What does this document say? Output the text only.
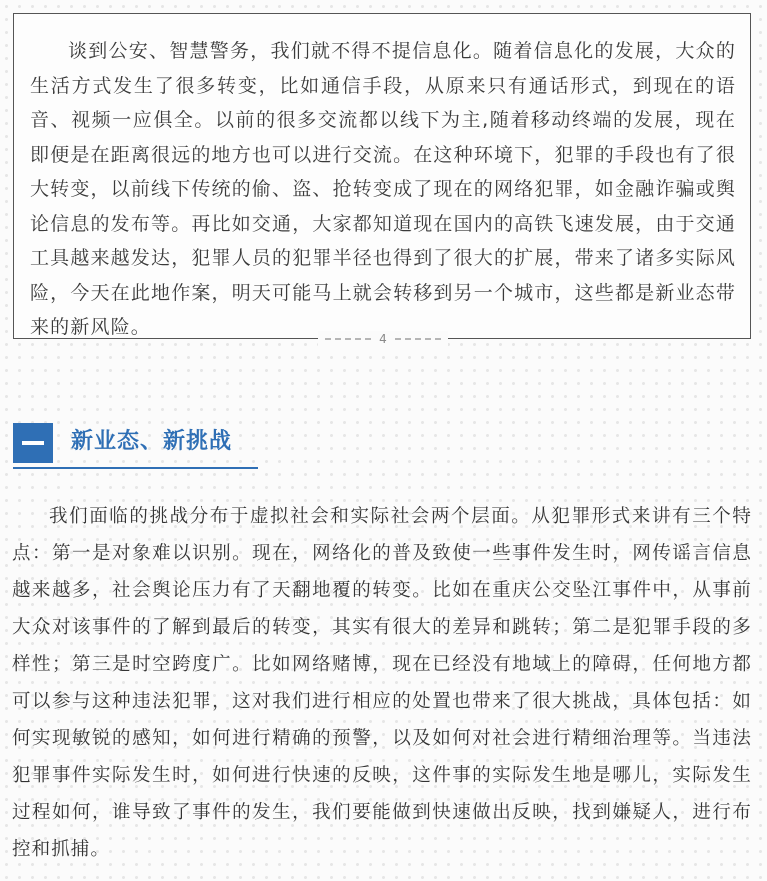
谈到公安、智慧警务，我们就不得不提信息化。随着信息化的发展，大众的生活方式发生了很多转变，比如通信手段，从原来只有通话形式，到现在的语音、视频一应俱全。以前的很多交流都以线下为主,随着移动终端的发展，现在即便是在距离很远的地方也可以进行交流。在这种环境下，犯罪的手段也有了很大转变，以前线下传统的偷、盗、抢转变成了现在的网络犯罪，如金融诈骗或舆论信息的发布等。再比如交通，大家都知道现在国内的高铁飞速发展，由于交通工具越来越发达，犯罪人员的犯罪半径也得到了很大的扩展，带来了诸多实际风险，今天在此地作案，明天可能马上就会转移到另一个城市，这些都是新业态带来的新风险。

4
新业态、新挑战

我们面临的挑战分布于虚拟社会和实际社会两个层面。从犯罪形式来讲有三个特点：第一是对象难以识别。现在，网络化的普及致使一些事件发生时，网传谣言信息越来越多，社会舆论压力有了天翻地覆的转变。比如在重庆公交坠江事件中，从事前大众对该事件的了解到最后的转变，其实有很大的差异和跳转；第二是犯罪手段的多样性；第三是时空跨度广。比如网络赌博，现在已经没有地域上的障碍，任何地方都可以参与这种违法犯罪，这对我们进行相应的处置也带来了很大挑战，具体包括：如何实现敏锐的感知，如何进行精确的预警，以及如何对社会进行精细治理等。当违法犯罪事件实际发生时，如何进行快速的反映，这件事的实际发生地是哪儿，实际发生过程如何，谁导致了事件的发生，我们要能做到快速做出反映，找到嫌疑人，进行布控和抓捕。
